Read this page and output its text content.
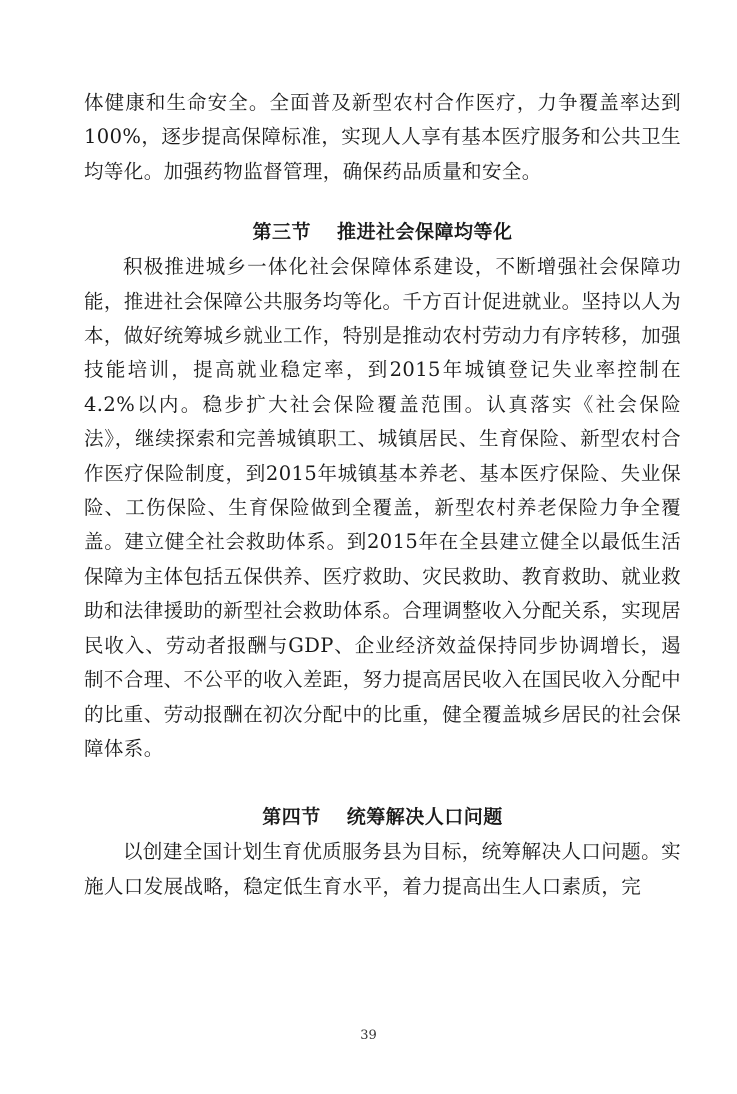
体健康和生命安全。全面普及新型农村合作医疗，力争覆盖率达到100%，逐步提高保障标准，实现人人享有基本医疗服务和公共卫生均等化。加强药物监督管理，确保药品质量和安全。

第三节 推进社会保障均等化

积极推进城乡一体化社会保障体系建设，不断增强社会保障功能，推进社会保障公共服务均等化。千方百计促进就业。坚持以人为本，做好统筹城乡就业工作，特别是推动农村劳动力有序转移，加强技能培训，提高就业稳定率，到2015年城镇登记失业率控制在4.2%以内。稳步扩大社会保险覆盖范围。认真落实《社会保险法》，继续探索和完善城镇职工、城镇居民、生育保险、新型农村合作医疗保险制度，到2015年城镇基本养老、基本医疗保险、失业保险、工伤保险、生育保险做到全覆盖，新型农村养老保险力争全覆盖。建立健全社会救助体系。到2015年在全县建立健全以最低生活保障为主体包括五保供养、医疗救助、灾民救助、教育救助、就业救助和法律援助的新型社会救助体系。合理调整收入分配关系，实现居民收入、劳动者报酬与GDP、企业经济效益保持同步协调增长，遏制不合理、不公平的收入差距，努力提高居民收入在国民收入分配中的比重、劳动报酬在初次分配中的比重，健全覆盖城乡居民的社会保障体系。

第四节 统筹解决人口问题

以创建全国计划生育优质服务县为目标，统筹解决人口问题。实施人口发展战略，稳定低生育水平，着力提高出生人口素质，完

39
